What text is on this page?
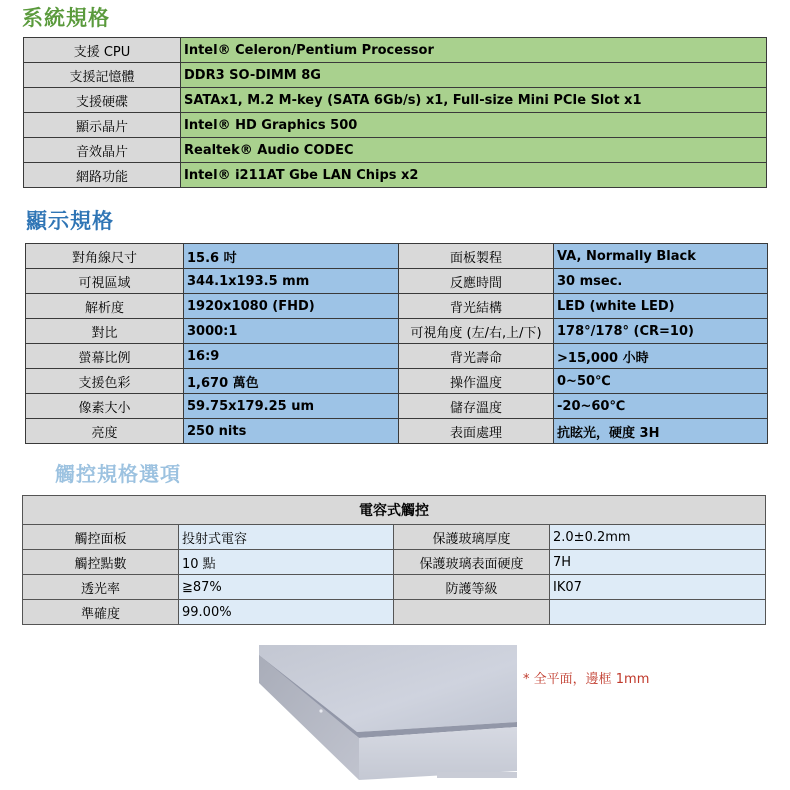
系統規格
支援 CPU	Intel® Celeron/Pentium Processor
支援記憶體	DDR3 SO-DIMM 8G
支援硬碟	SATAx1, M.2 M-key (SATA 6Gb/s) x1, Full-size Mini PCIe Slot x1
顯示晶片	Intel® HD Graphics 500
音效晶片	Realtek® Audio CODEC
網路功能	Intel® i211AT Gbe LAN Chips x2
顯示規格
對角線尺寸	15.6 吋	面板製程	VA, Normally Black
可視區域	344.1x193.5 mm	反應時間	30 msec.
解析度	1920x1080 (FHD)	背光結構	LED (white LED)
對比	3000:1	可視角度 (左/右,上/下)	178°/178° (CR=10)
螢幕比例	16:9	背光壽命	>15,000 小時
支援色彩	1,670 萬色	操作溫度	0~50℃
像素大小	59.75x179.25 um	儲存溫度	-20~60℃
亮度	250 nits	表面處理	抗眩光，硬度 3H
觸控規格選項
電容式觸控			
觸控面板	投射式電容	保護玻璃厚度	2.0±0.2mm
觸控點數	10 點	保護玻璃表面硬度	7H
透光率	≧87%	防護等級	IK07
準確度	99.00%		
* 全平面，邊框 1mm
